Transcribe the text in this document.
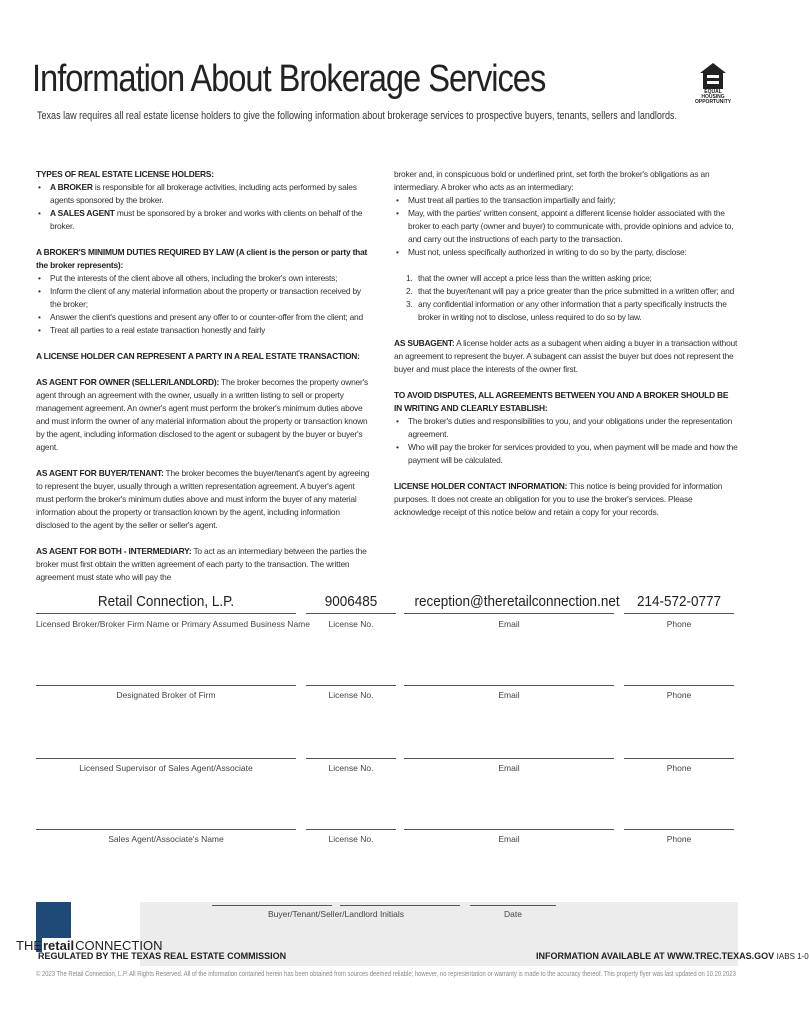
Information About Brokerage Services
Texas law requires all real estate license holders to give the following information about brokerage services to prospective buyers, tenants, sellers and landlords.
EQUAL HOUSING OPPORTUNITY

TYPES OF REAL ESTATE LICENSE HOLDERS:

• A BROKER is responsible for all brokerage activities, including acts performed by sales agents sponsored by the broker.
• A SALES AGENT must be sponsored by a broker and works with clients on behalf of the broker.

A BROKER'S MINIMUM DUTIES REQUIRED BY LAW (A client is the person or party that the broker represents):

• Put the interests of the client above all others, including the broker's own interests;
• Inform the client of any material information about the property or transaction received by the broker;
• Answer the client's questions and present any offer to or counter-offer from the client; and
• Treat all parties to a real estate transaction honestly and fairly

A LICENSE HOLDER CAN REPRESENT A PARTY IN A REAL ESTATE TRANSACTION:

AS AGENT FOR OWNER (SELLER/LANDLORD): The broker becomes the property owner's agent through an agreement with the owner, usually in a written listing to sell or property management agreement. An owner's agent must perform the broker's minimum duties above and must inform the owner of any material information about the property or transaction known by the agent, including information disclosed to the agent or subagent by the buyer or buyer's agent.

AS AGENT FOR BUYER/TENANT: The broker becomes the buyer/tenant's agent by agreeing to represent the buyer, usually through a written representation agreement. A buyer's agent must perform the broker's minimum duties above and must inform the buyer of any material information about the property or transaction known by the agent, including information disclosed to the agent by the seller or seller's agent.

AS AGENT FOR BOTH - INTERMEDIARY: To act as an intermediary between the parties the broker must first obtain the written agreement of each party to the transaction. The written agreement must state who will pay the

broker and, in conspicuous bold or underlined print, set forth the broker's obligations as an intermediary. A broker who acts as an intermediary:

• Must treat all parties to the transaction impartially and fairly;
• May, with the parties' written consent, appoint a different license holder associated with the broker to each party (owner and buyer) to communicate with, provide opinions and advice to, and carry out the instructions of each party to the transaction.
• Must not, unless specifically authorized in writing to do so by the party, disclose:
1. that the owner will accept a price less than the written asking price;
2. that the buyer/tenant will pay a price greater than the price submitted in a written offer; and
3. any confidential information or any other information that a party specifically instructs the broker in writing not to disclose, unless required to do so by law.

AS SUBAGENT: A license holder acts as a subagent when aiding a buyer in a transaction without an agreement to represent the buyer. A subagent can assist the buyer but does not represent the buyer and must place the interests of the owner first.

TO AVOID DISPUTES, ALL AGREEMENTS BETWEEN YOU AND A BROKER SHOULD BE IN WRITING AND CLEARLY ESTABLISH:

• The broker's duties and responsibilities to you, and your obligations under the representation agreement.
• Who will pay the broker for services provided to you, when payment will be made and how the payment will be calculated.

LICENSE HOLDER CONTACT INFORMATION: This notice is being provided for information purposes. It does not create an obligation for you to use the broker's services. Please acknowledge receipt of this notice below and retain a copy for your records.

Retail Connection, L.P.	9006485	reception@theretailconnection.net	214-572-0777
Licensed Broker/Broker Firm Name or Primary Assumed Business Name	License No.	Email	Phone
Designated Broker of Firm	License No.	Email	Phone
Licensed Supervisor of Sales Agent/Associate	License No.	Email	Phone
Sales Agent/Associate's Name	License No.	Email	Phone
Buyer/Tenant/Seller/Landlord Initials	Date
THEretailCONNECTION
REGULATED BY THE TEXAS REAL ESTATE COMMISSION	INFORMATION AVAILABLE AT WWW.TREC.TEXAS.GOV IABS 1-0
© 2023 The Retail Connection, L.P. All Rights Reserved. All of the information contained herein has been obtained from sources deemed reliable; however, no representation or warranty is made to the accuracy thereof. This property flyer was last updated on 10.20.2023
